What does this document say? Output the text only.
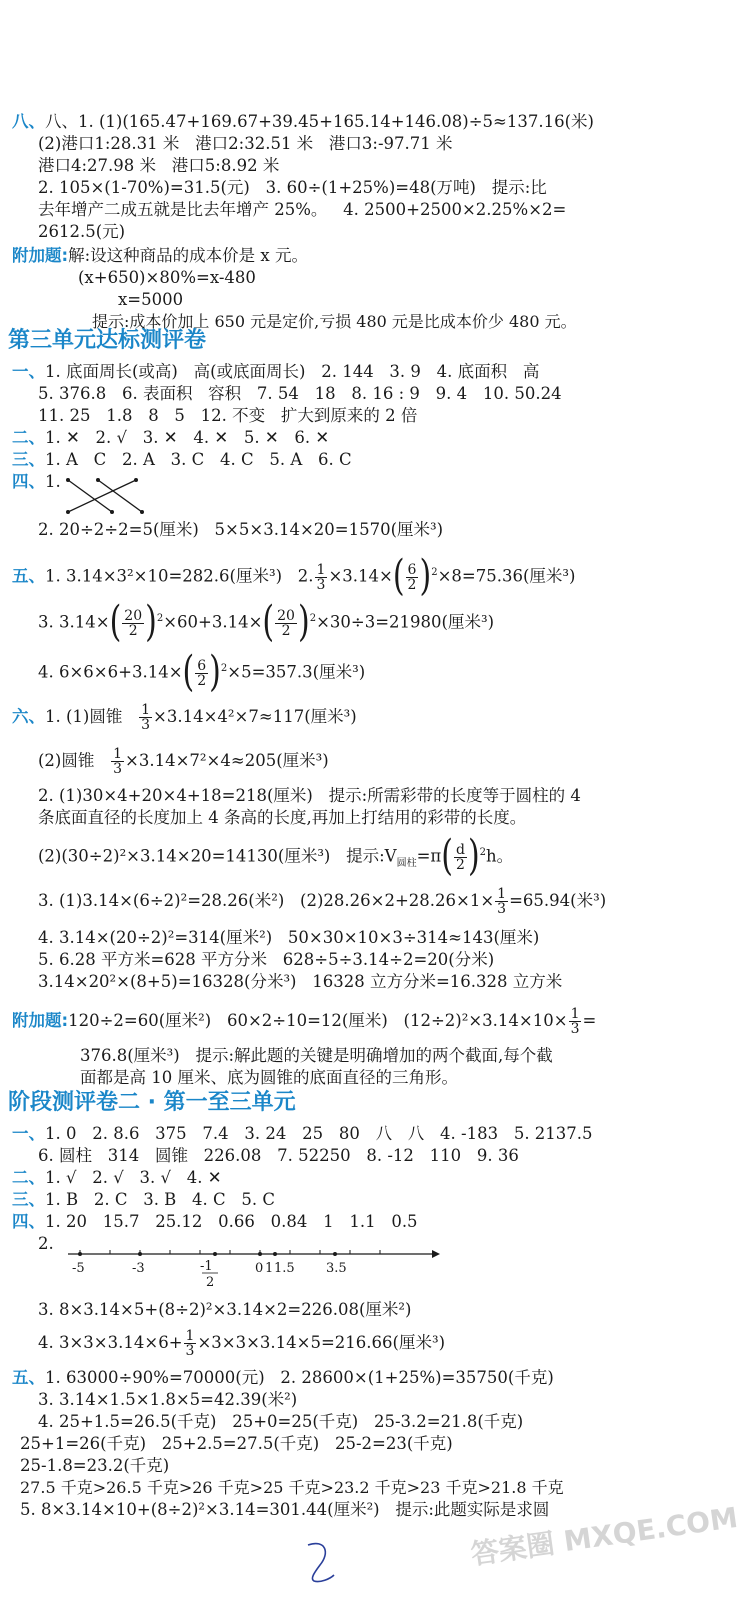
八、八、1. (1)(165.47+169.67+39.45+165.14+146.08)÷5≈137.16(米)
(2)港口1:28.31 米   港口2:32.51 米   港口3:-97.71 米
港口4:27.98 米   港口5:8.92 米
2. 105×(1-70%)=31.5(元)   3. 60÷(1+25%)=48(万吨)   提示:比
去年增产二成五就是比去年增产 25%。   4. 2500+2500×2.25%×2=
2612.5(元)
附加题:解:设这种商品的成本价是 x 元。
(x+650)×80%=x-480
x=5000
提示:成本价加上 650 元是定价,亏损 480 元是比成本价少 480 元。
第三单元达标测评卷
一、1. 底面周长(或高)   高(或底面周长)   2. 144   3. 9   4. 底面积   高
5. 376.8   6. 表面积   容积   7. 54   18   8. 16 : 9   9. 4   10. 50.24
11. 25   1.8   8   5   12. 不变   扩大到原来的 2 倍
二、1. ✕   2. √   3. ✕   4. ✕   5. ✕   6. ✕
三、1. A   C   2. A   3. C   4. C   5. A   6. C
四、1.
2. 20÷2÷2=5(厘米)   5×5×3.14×20=1570(厘米³)
五、1. 3.14×3²×10=282.6(厘米³)   2. $\frac{1}{3} \times 3.14\times( \frac{6}{2} )^2\times 8=75.36$(厘米³)
3. $3.14\times( \frac{20}{2} )^2\times 60+3.14\times( \frac{20}{2} )^2\times 30\div 3=21980$(厘米³)
4. $6\times 6\times 6+3.14\times( \frac{6}{2} )^2\times 5=357.3$(厘米³)
六、1. (1)圆锥 $\frac{1}{3} \times 3.14\times 4^2\times 7\approx 117$(厘米³)
(2)圆锥 $\frac{1}{3} \times 3.14\times 7^2\times 4\approx 205$(厘米³)
2. (1)30×4+20×4+18=218(厘米)   提示:所需彩带的长度等于圆柱的 4
条底面直径的长度加上 4 条高的长度,再加上打结用的彩带的长度。
(2)(30÷2)²×3.14×20=14130(厘米³)   提示$:V_{圆柱}=\pi( \frac{d}{2} )^2h$。
3. (1)3.14×(6÷2)²=28.26(米²)   $(2)28.26\times 2+28.26\times 1\times \frac{1}{3} =65.94$(米³)
4. 3.14×(20÷2)²=314(厘米²)   50×30×10×3÷314≈143(厘米)
5. 6.28 平方米=628 平方分米   628÷5÷3.14÷2=20(分米)
3.14×20²×(8+5)=16328(分米³)   16328 立方分米=16.328 立方米
附加题:120÷2=60(厘米²)   60×2÷10=12(厘米)   $(12\div 2)^2\times 3.14\times 10\times \frac{1}{3}$ =
376.8(厘米³)   提示:解此题的关键是明确增加的两个截面,每个截
面都是高 10 厘米、底为圆锥的底面直径的三角形。
阶段测评卷二 · 第一至三单元
一、1. 0   2. 8.6   375   7.4   3. 24   25   80   八   八   4. -183   5. 2137.5
6. 圆柱   314   圆锥   226.08   7. 52250   8. -12   110   9. 36
二、1. √   2. √   3. √   4. ✕
三、1. B   2. C   3. B   4. C   5. C
四、1. 20   15.7   25.12   0.66   0.84   1   1.1   0.5
2.
-5	-3	-1
2
0 1 1.5 3.5
3. 8×3.14×5+(8÷2)²×3.14×2=226.08(厘米²)
4. $3\times 3\times 3.14\times 6+ \frac{1}{3} \times 3\times 3\times 3.14\times 5=216.66$(厘米³)
五、1. 63000÷90%=70000(元)   2. 28600×(1+25%)=35750(千克)
3. 3.14×1.5×1.8×5=42.39(米²)
4. 25+1.5=26.5(千克)   25+0=25(千克)   25-3.2=21.8(千克)
25+1=26(千克)   25+2.5=27.5(千克)   25-2=23(千克)
25-1.8=23.2(千克)
27.5 千克>26.5 千克>26 千克>25 千克>23.2 千克>23 千克>21.8 千克
5. 8×3.14×10+(8÷2)²×3.14=301.44(厘米²)   提示:此题实际是求圆
答案圈 MXQE.COM
